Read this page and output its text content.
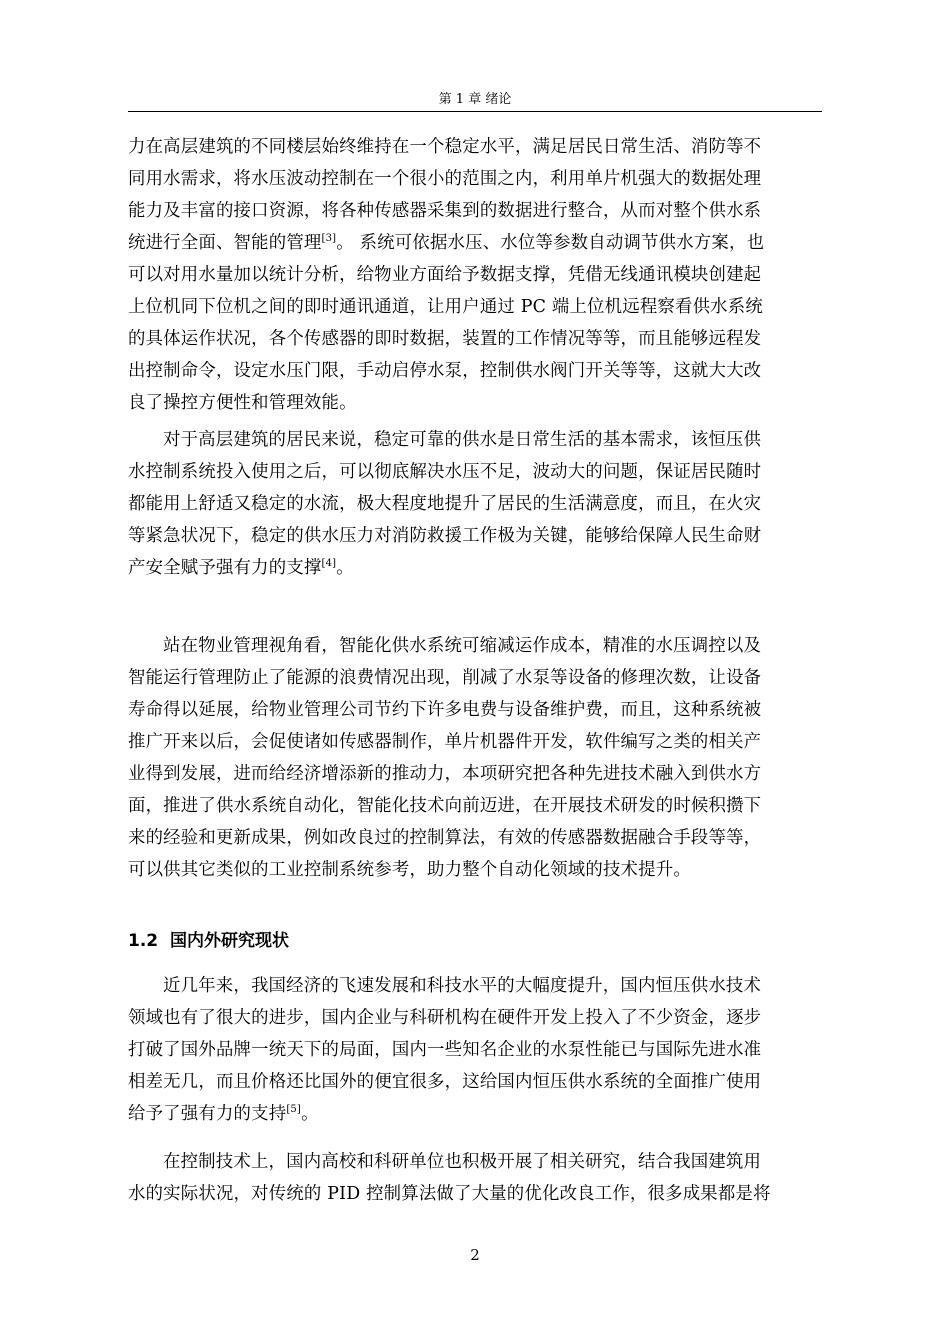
第 1 章 绪论

力在高层建筑的不同楼层始终维持在一个稳定水平，满足居民日常生活、消防等不
同用水需求，将水压波动控制在一个很小的范围之内，利用单片机强大的数据处理
能力及丰富的接口资源，将各种传感器采集到的数据进行整合，从而对整个供水系
统进行全面、智能的管理[3]。 系统可依据水压、水位等参数自动调节供水方案，也
可以对用水量加以统计分析，给物业方面给予数据支撑，凭借无线通讯模块创建起
上位机同下位机之间的即时通讯通道，让用户通过 PC 端上位机远程察看供水系统
的具体运作状况，各个传感器的即时数据，装置的工作情况等等，而且能够远程发
出控制命令，设定水压门限，手动启停水泵，控制供水阀门开关等等，这就大大改
良了操控方便性和管理效能。

对于高层建筑的居民来说，稳定可靠的供水是日常生活的基本需求，该恒压供
水控制系统投入使用之后，可以彻底解决水压不足，波动大的问题，保证居民随时
都能用上舒适又稳定的水流，极大程度地提升了居民的生活满意度，而且，在火灾
等紧急状况下，稳定的供水压力对消防救援工作极为关键，能够给保障人民生命财
产安全赋予强有力的支撑[4]。

站在物业管理视角看，智能化供水系统可缩减运作成本，精准的水压调控以及
智能运行管理防止了能源的浪费情况出现，削减了水泵等设备的修理次数，让设备
寿命得以延展，给物业管理公司节约下许多电费与设备维护费，而且，这种系统被
推广开来以后，会促使诸如传感器制作，单片机器件开发，软件编写之类的相关产
业得到发展，进而给经济增添新的推动力，本项研究把各种先进技术融入到供水方
面，推进了供水系统自动化，智能化技术向前迈进，在开展技术研发的时候积攒下
来的经验和更新成果，例如改良过的控制算法，有效的传感器数据融合手段等等，
可以供其它类似的工业控制系统参考，助力整个自动化领域的技术提升。

1.2 国内外研究现状

近几年来，我国经济的飞速发展和科技水平的大幅度提升，国内恒压供水技术
领域也有了很大的进步，国内企业与科研机构在硬件开发上投入了不少资金，逐步
打破了国外品牌一统天下的局面，国内一些知名企业的水泵性能已与国际先进水准
相差无几，而且价格还比国外的便宜很多，这给国内恒压供水系统的全面推广使用
给予了强有力的支持[5]。

在控制技术上，国内高校和科研单位也积极开展了相关研究，结合我国建筑用
水的实际状况，对传统的 PID 控制算法做了大量的优化改良工作，很多成果都是将

2
